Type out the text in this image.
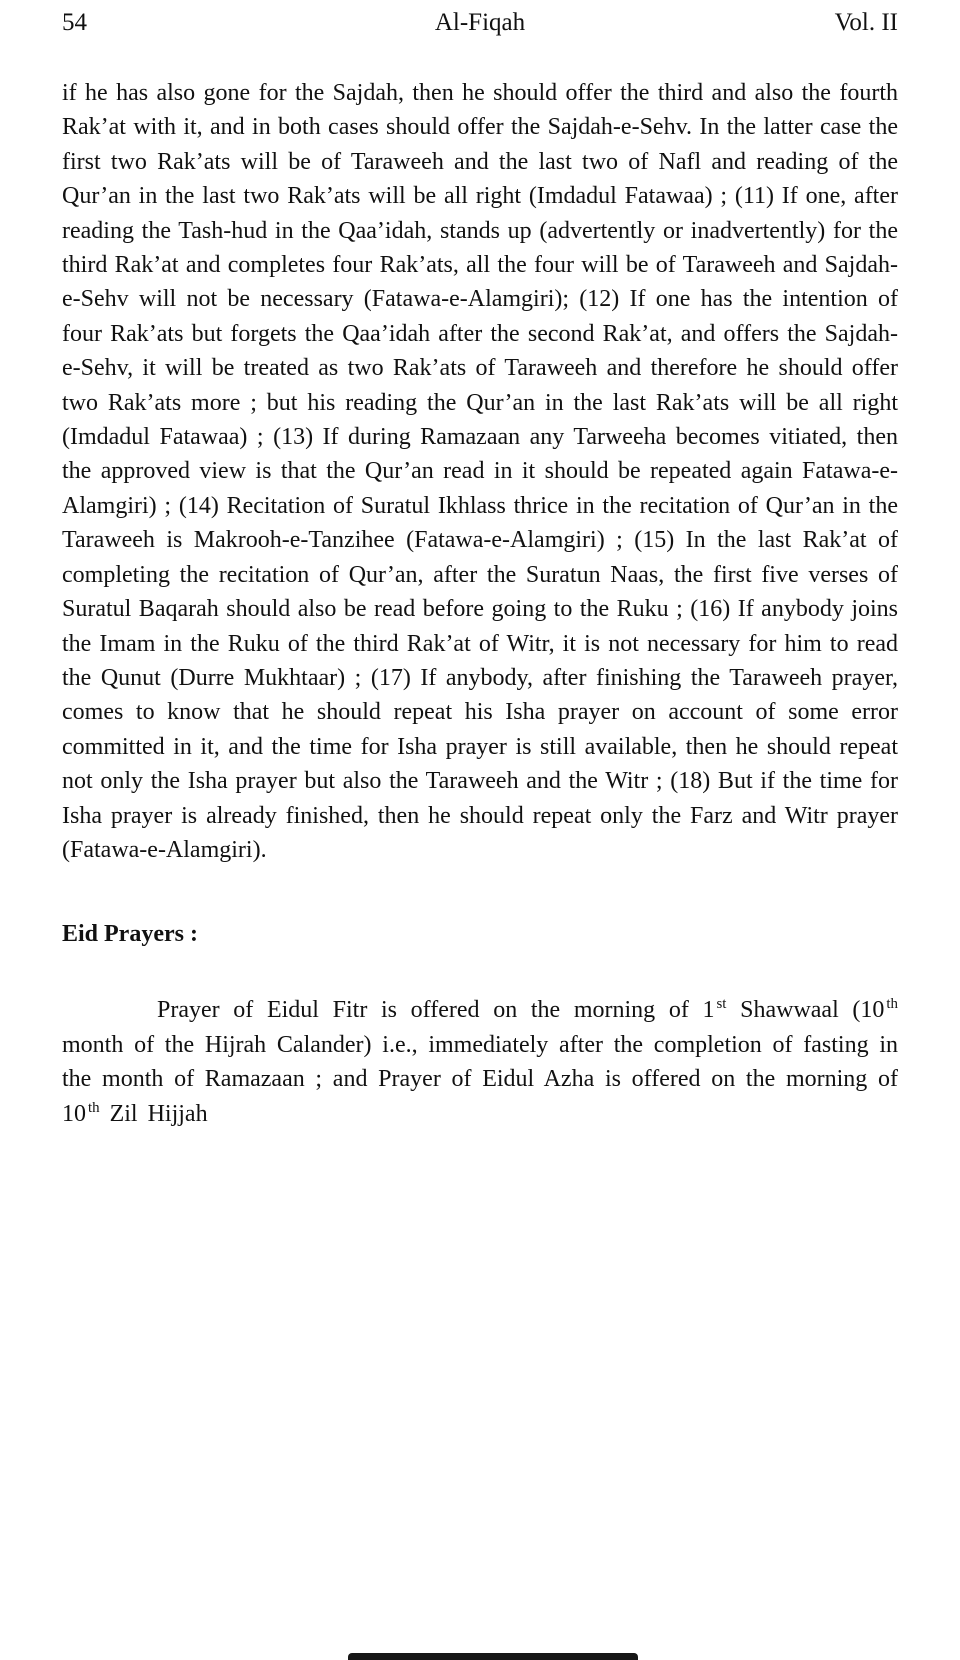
54	Al-Fiqah	Vol. II

if he has also gone for the Sajdah, then he should offer the third and also the fourth Rak’at with it, and in both cases should offer the Sajdah-e-Sehv. In the latter case the first two Rak’ats will be of Taraweeh and the last two of Nafl and reading of the Qur’an in the last two Rak’ats will be all right (Imdadul Fatawaa) ; (11) If one, after reading the Tash-hud in the Qaa’idah, stands up (advertently or inadvertently) for the third Rak’at and completes four Rak’ats, all the four will be of Taraweeh and Sajdah-e-Sehv will not be necessary (Fatawa-e-Alamgiri); (12) If one has the intention of four Rak’ats but forgets the Qaa’idah after the second Rak’at, and offers the Sajdah-e-Sehv, it will be treated as two Rak’ats of Taraweeh and therefore he should offer two Rak’ats more ; but his reading the Qur’an in the last Rak’ats will be all right (Imdadul Fatawaa) ; (13) If during Ramazaan any Tarweeha becomes vitiated, then the approved view is that the Qur’an read in it should be repeated again Fatawa-e-Alamgiri) ; (14) Recitation of Suratul Ikhlass thrice in the recitation of Qur’an in the Taraweeh is Makrooh-e-Tanzihee (Fatawa-e-Alamgiri) ; (15) In the last Rak’at of completing the recitation of Qur’an, after the Suratun Naas, the first five verses of Suratul Baqarah should also be read before going to the Ruku ; (16) If anybody joins the Imam in the Ruku of the third Rak’at of Witr, it is not necessary for him to read the Qunut (Durre Mukhtaar) ; (17) If anybody, after finishing the Taraweeh prayer, comes to know that he should repeat his Isha prayer on account of some error committed in it, and the time for Isha prayer is still available, then he should repeat not only the Isha prayer but also the Taraweeh and the Witr ; (18) But if the time for Isha prayer is already finished, then he should repeat only the Farz and Witr prayer (Fatawa-e-Alamgiri).

Eid Prayers :

Prayer of Eidul Fitr is offered on the morning of 1 $^{st}$ Shawwaal (10 $^{th}$ month of the Hijrah Calander) i.e., immediately after the completion of fasting in the month of Ramazaan ; and Prayer of Eidul Azha is offered on the morning of 10 $^{th}$ Zil Hijjah
